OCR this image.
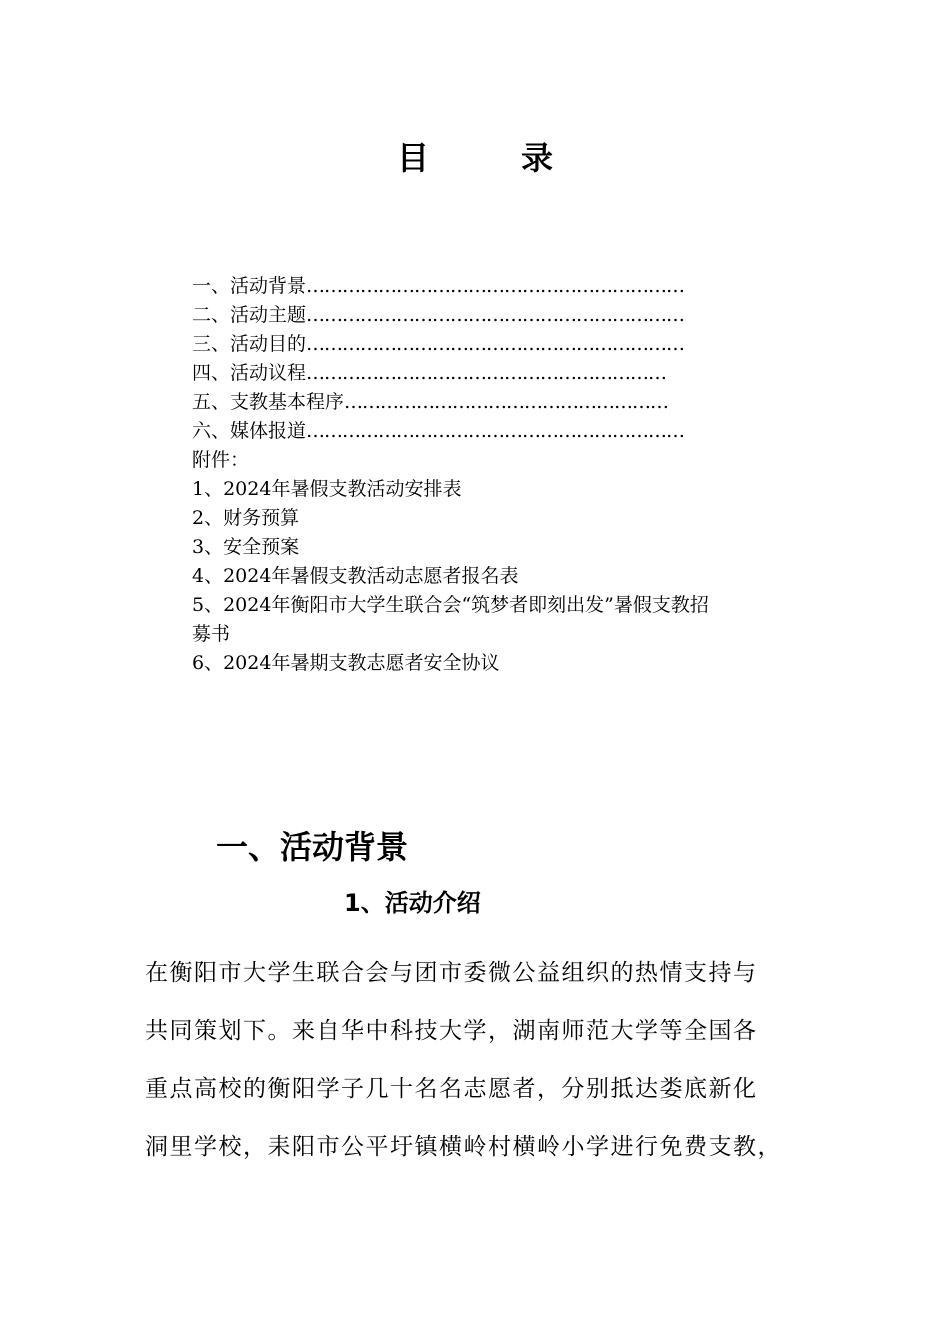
目　录
一、活动背景………………………………………………………
二、活动主题………………………………………………………
三、活动目的………………………………………………………
四、活动议程……………………………………………………
五、支教基本程序………………………………………………
六、媒体报道………………………………………………………
附件：
1、2024年暑假支教活动安排表
2、财务预算
3、安全预案
4、2024年暑假支教活动志愿者报名表
5、2024年衡阳市大学生联合会“筑梦者即刻出发”暑假支教招
募书
6、2024年暑期支教志愿者安全协议
一、活动背景
1、活动介绍
在衡阳市大学生联合会与团市委微公益组织的热情支持与
共同策划下。来自华中科技大学，湖南师范大学等全国各
重点高校的衡阳学子几十名名志愿者，分别抵达娄底新化
洞里学校，耒阳市公平圩镇横岭村横岭小学进行免费支教，
